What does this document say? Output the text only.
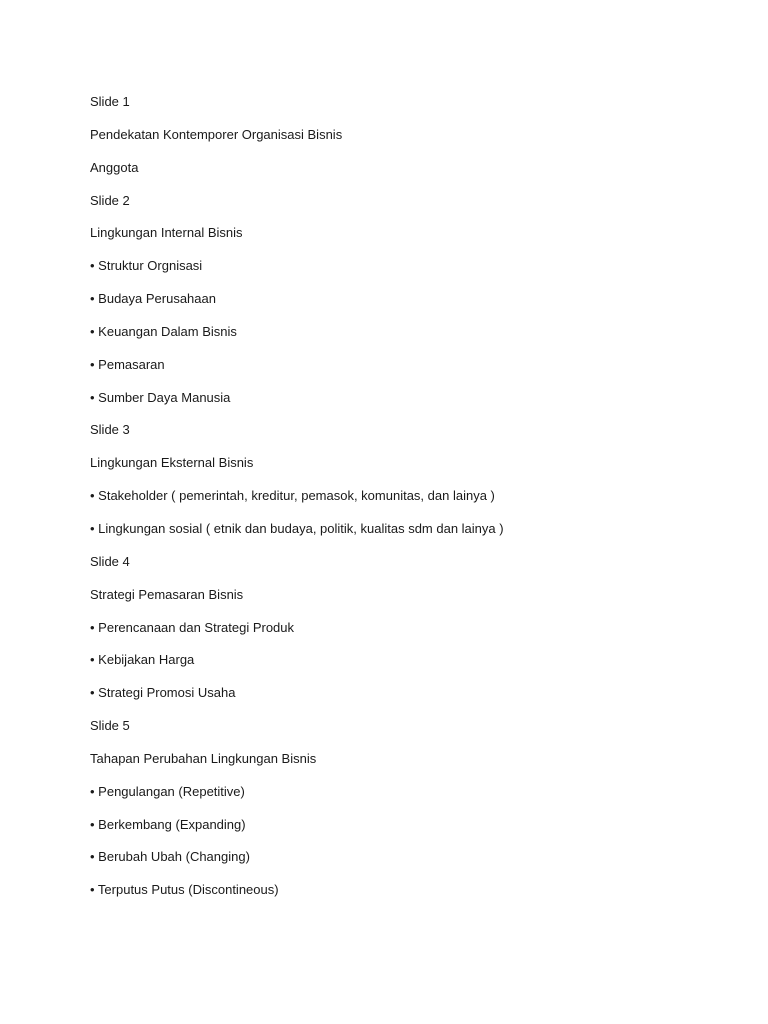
Slide 1
Pendekatan Kontemporer Organisasi Bisnis
Anggota
Slide 2
Lingkungan Internal Bisnis
• Struktur Orgnisasi
• Budaya Perusahaan
• Keuangan Dalam Bisnis
• Pemasaran
• Sumber Daya Manusia
Slide 3
Lingkungan Eksternal Bisnis
• Stakeholder ( pemerintah, kreditur, pemasok, komunitas, dan lainya )
• Lingkungan sosial ( etnik dan budaya, politik, kualitas sdm dan lainya )
Slide 4
Strategi Pemasaran Bisnis
• Perencanaan dan Strategi Produk
• Kebijakan Harga
• Strategi Promosi Usaha
Slide 5
Tahapan Perubahan Lingkungan Bisnis
• Pengulangan (Repetitive)
• Berkembang (Expanding)
• Berubah Ubah (Changing)
• Terputus Putus (Discontineous)
